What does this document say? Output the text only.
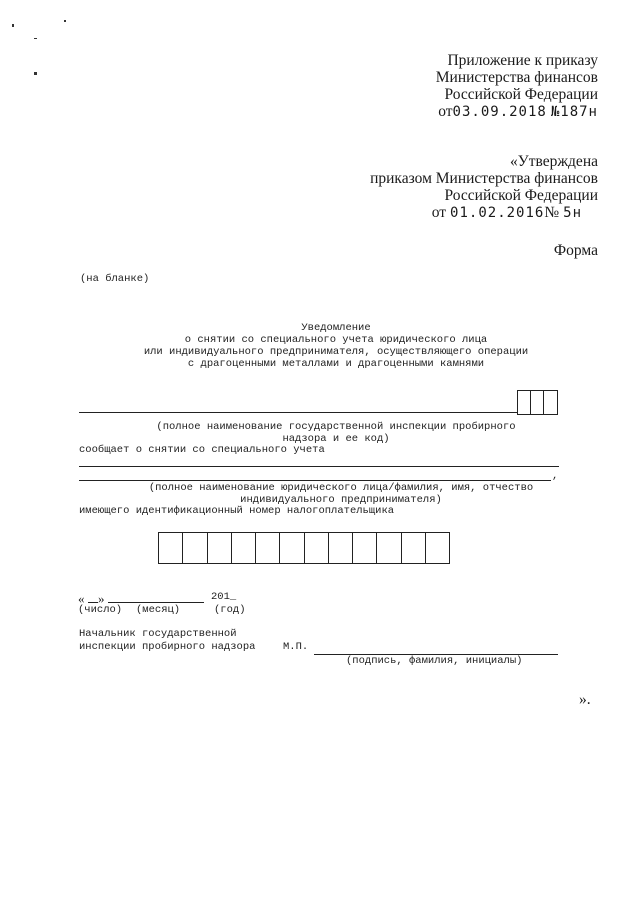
Приложение к приказу
Министерства финансов
Российской Федерации
от03.09.2018 №187н
«Утверждена
приказом Министерства финансов
Российской Федерации
от 01.02.2016№ 5н
Форма
(на бланке)
Уведомление
о снятии со специального учета юридического лица
или индивидуального предпринимателя, осуществляющего операции
с драгоценными металлами и драгоценными камнями
(полное наименование государственной инспекции пробирного
надзора и ее код)
сообщает о снятии со специального учета
,
(полное наименование юридического лица/фамилия, имя, отчество
индивидуального предпринимателя)
имеющего идентификационный номер налогоплательщика
« »	201_
(число) (месяц)	(год)
Начальник государственной
инспекции пробирного надзора	М.П.
(подпись, фамилия, инициалы)
».
